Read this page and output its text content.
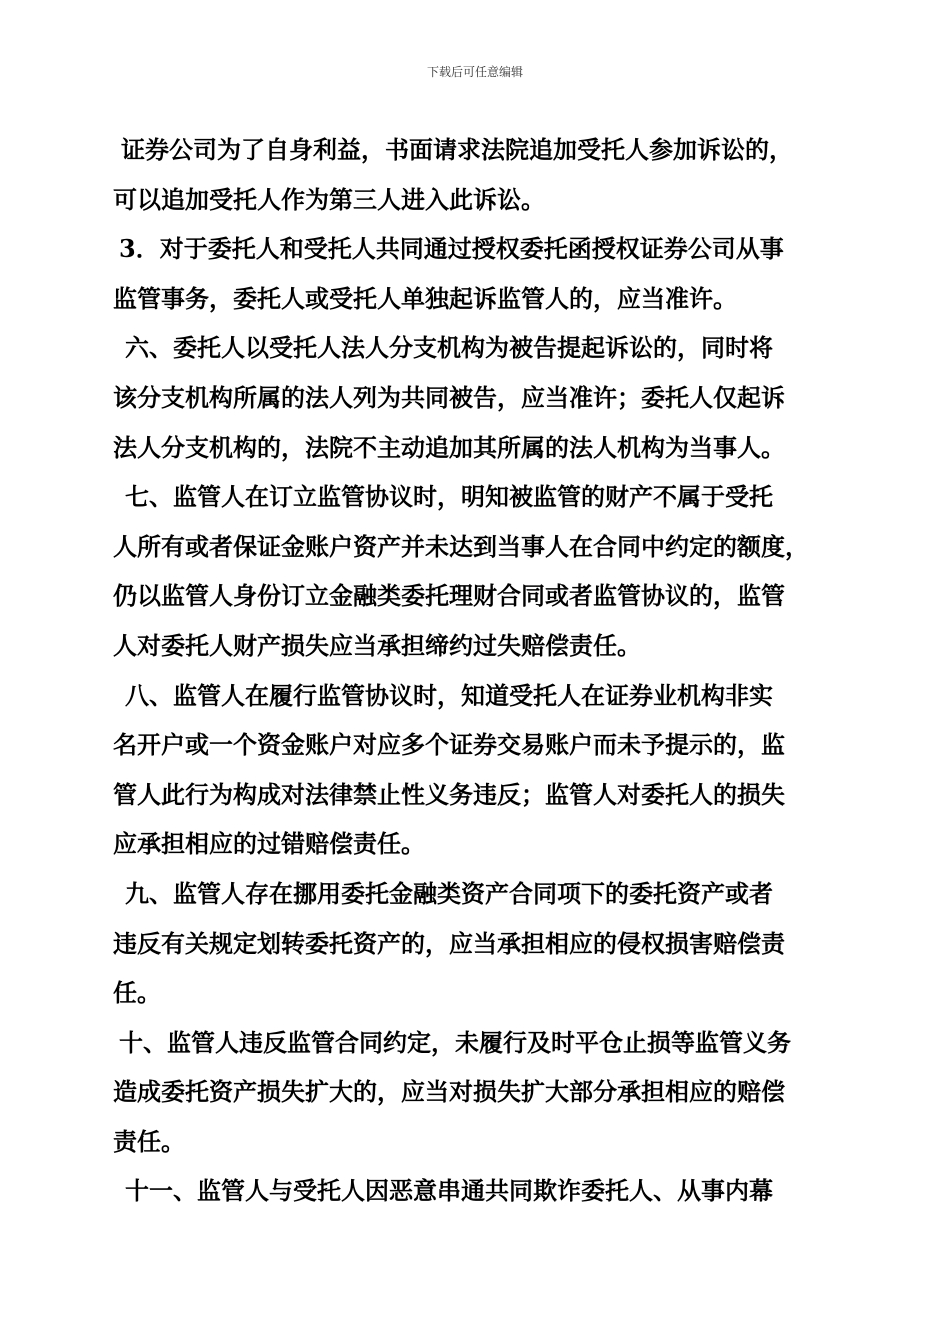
下载后可任意编辑
证券公司为了自身利益，书面请求法院追加受托人参加诉讼的，
可以追加受托人作为第三人进入此诉讼。
3．对于委托人和受托人共同通过授权委托函授权证券公司从事
监管事务，委托人或受托人单独起诉监管人的，应当准许。
六、委托人以受托人法人分支机构为被告提起诉讼的，同时将
该分支机构所属的法人列为共同被告，应当准许；委托人仅起诉
法人分支机构的，法院不主动追加其所属的法人机构为当事人。
七、监管人在订立监管协议时，明知被监管的财产不属于受托
人所有或者保证金账户资产并未达到当事人在合同中约定的额度，
仍以监管人身份订立金融类委托理财合同或者监管协议的，监管
人对委托人财产损失应当承担缔约过失赔偿责任。
八、监管人在履行监管协议时，知道受托人在证券业机构非实
名开户或一个资金账户对应多个证券交易账户而未予提示的，监
管人此行为构成对法律禁止性义务违反；监管人对委托人的损失
应承担相应的过错赔偿责任。
九、监管人存在挪用委托金融类资产合同项下的委托资产或者
违反有关规定划转委托资产的，应当承担相应的侵权损害赔偿责
任。
十、监管人违反监管合同约定，未履行及时平仓止损等监管义务
造成委托资产损失扩大的，应当对损失扩大部分承担相应的赔偿
责任。
十一、监管人与受托人因恶意串通共同欺诈委托人、从事内幕
